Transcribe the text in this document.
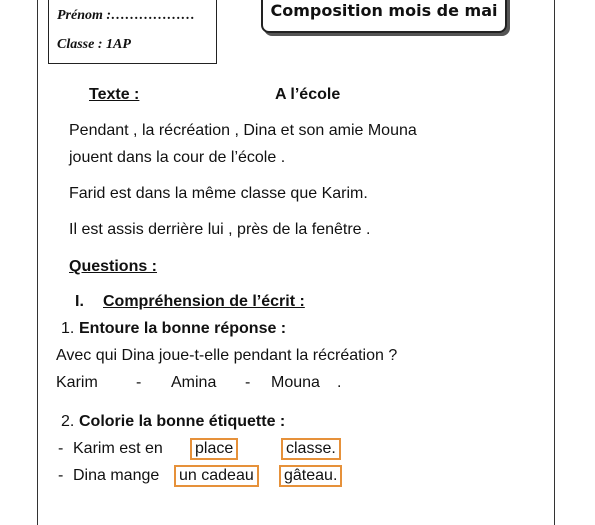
Prénom :………………
Classe : 1AP
Composition mois de mai
Texte :	A l’école
Pendant , la récréation , Dina et son amie Mouna
jouent dans la cour de l’école .
Farid est dans la même classe que Karim.
Il est assis derrière lui , près de la fenêtre .
Questions :
I. Compréhension de l’écrit :
1. Entoure la bonne réponse :
Avec qui Dina joue-t-elle pendant la récréation ?
Karim - Amina - Mouna .
2. Colorie la bonne étiquette :
- Karim est en	place	classe.
- Dina mange	un cadeau	gâteau.
